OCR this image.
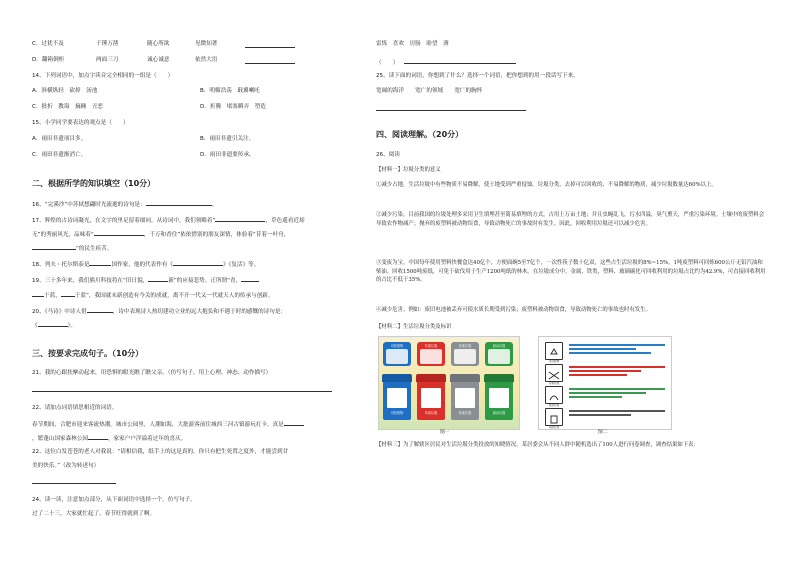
C．过犹不及	千锤万凿	随心所欲	见微知著
D．翻箱倒柜	两面三刀	诚心诚意	依然大语
14、下列词语中，加点字读音完全相同的一组是（　　）
A．斜横纵轻　砍掉　汤池	B．明媚浩荡　戢翼喇吒
C．批折　教诲　摘踵　丑恶	D．折腾　堵塞瞬弄　塑造
15、小学同学要表达的观点是（　　）
A．雨田非遗项目多。	B．雨田非遗引关注。
C．雨田非遗渐消亡。	D．雨田非遗要传承。
二、根据所学的知识填空（10分）
16、“完溪沙”中苏轼想翩时光流逝的诗句是：	。
17、辉煌的古诗词凝光，在文字的里足留着细同。从诗词中，我们领略着“	，草色遥看近却
无”的秀丽风光，品味着“	，千万和香住”依依惜别的朋友深情，体验着“昔着一叶舟，
”的民生疾苦。
18、列夫・托尔斯泰是	国作家，他的代表作有《	》《复活》等。
19、三十多年来，我们熊川科技将在“旧日貌，	新”的应接悲势。正所谓“青，
于蓝，	于蓝”，我国就未新创造有今关的成就，离不开一代又一代就天人的传承与创新。
20、《马诗》中诗人借	，诗中表现诗人热切建功立业的远大抱负和不遇于时的感慨的诗句是：
《	》。
三、按要求完成句子。（10分）
21、我的心跟扶摩动起来，用恐惧的眼光瞧了瞧父亲。（仿写句子，用上心理、神态、动作描写）
22、请加点词语填思相近的词语。
春节期间，合肥市迎来客流热潮。城市公园里，人潮如海，大批游客前往城西三河古镇游玩打卡，真是
，繁蓬山国家森林公园	，家家户户洋溢着过年的喜庆。
22、这位白发苍苍的老人对我说：“请相信我，纸手上的这是真的。你只有把生死置之度外，才能尝到甘
美的快乐。”（改为转述句）
24、读一读，注意加点部分，从下面词语中选择一个，仿写句子。
过了二十三，大家就忙起了，春节旺得就到了啊。
雷炼　喜欢　厉肠　盼望　薄
（　　）
25、读下面的词语，你想到了什么？选择一个词语，把你想到的用一段话写下来。
宽阔的海洋　　宽广的领域　　宽广的胸怀
四、阅读理解。（20分）
26、阅读
【材料一】垃圾分类的意义
①减少占地。生活垃圾中有些物质不易降解，使土地受到严重侵蚀。垃圾分类，去掉可以回收的、不易降解的物质，减少垃圾数量达60%以上。
②减少污染。目前我国的垃圾处理多采用卫生填埋甚至简易填埋的方式，占用上万亩土地；并且虫蝇乱飞，污水四溢，臭气熏天，严重污染环境。土壤中的废塑料会导致农作物减产；抛弃的废塑料被动物误食，导致动物死亡的事故时有发生。因此，回收利用垃圾还可以减少危害。
③变废为宝。中国每年使用塑料快餐盒达40亿个，方便面碗5至7亿个，一次性筷子数十亿双，这些占生活垃圾的8%~15%。1吨废塑料可回炼600公斤无铅汽油和柴油。回收1500吨废纸，可免于砍伐用于生产1200吨纸的林木。在垃圾成分中，金属、铁类、塑料、玻璃碳化可回收利用的垃圾占比约为42.9%，可直接回收利用的占比不低于35%。
④减少危害。例如：废旧电池被丢弃可使水质长期受到污染；废塑料被动物误食，导致动物死亡的事故也时有发生。
【材料二】生活垃圾分类及标识
可回收物	有害垃圾	其他垃圾	厨余垃圾
可回收物	有害垃圾	其他垃圾	厨余垃圾
图一
可回收物
有害垃圾
厨余垃圾
其他垃圾
图二
【材料三】为了解辖区居民对生活垃圾分类投放的知晓情况，某居委会从不同人群中随机选出了100人进行问卷调查，调查结果如下表：
